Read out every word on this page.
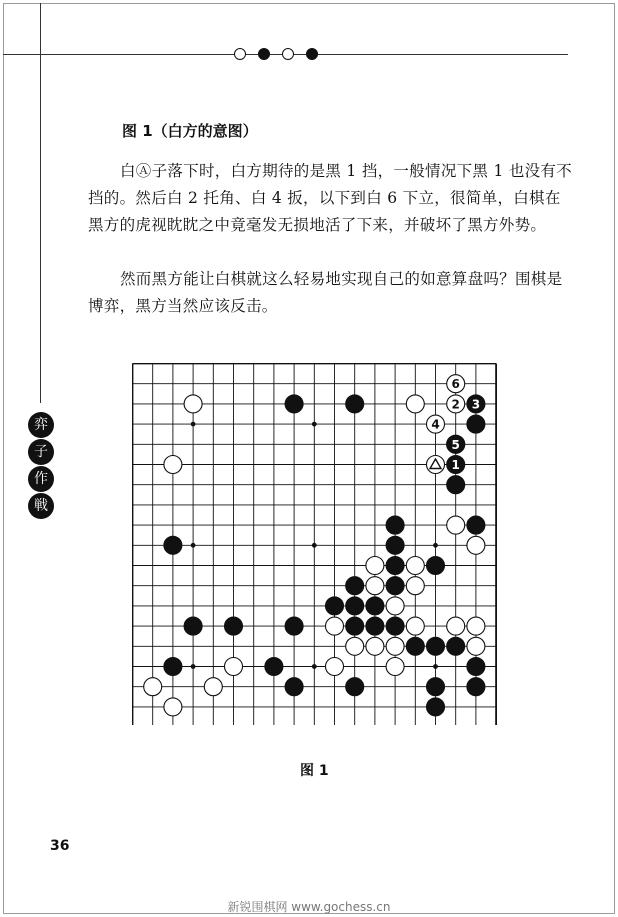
弈
子
作
戦
图 1（白方的意图）

白Ⓐ子落下时，白方期待的是黑 1 挡，一般情况下黑 1 也没有不挡的。然后白 2 托角、白 4 扳，以下到白 6 下立，很简单，白棋在黑方的虎视眈眈之中竟毫发无损地活了下来，并破坏了黑方外势。

然而黑方能让白棋就这么轻易地实现自己的如意算盘吗？围棋是博弈，黑方当然应该反击。

1
2 3
4
5
6
图 1
36
新锐围棋网 www.gochess.cn
